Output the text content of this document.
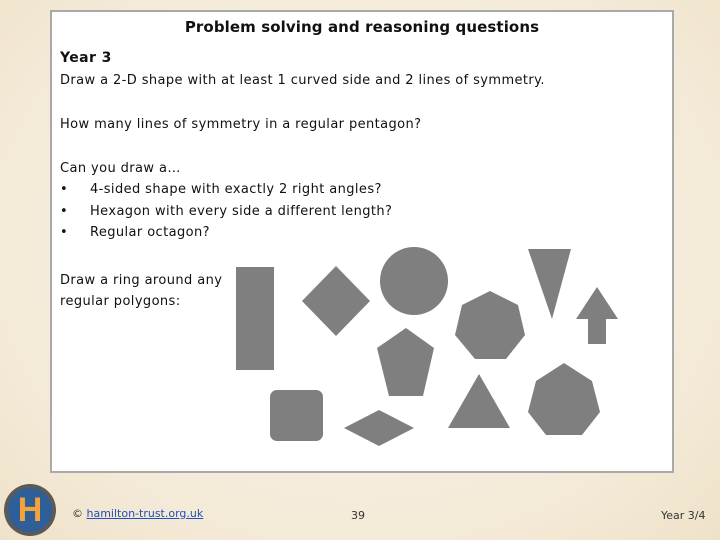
Problem solving and reasoning questions
Year 3
Draw a 2-D shape with at least 1 curved side and 2 lines of symmetry.
How many lines of symmetry in a regular pentagon?
Can you draw a…
• 4-sided shape with exactly 2 right angles?
• Hexagon with every side a different length?
• Regular octagon?
Draw a ring around any regular polygons:
H	© hamilton-trust.org.uk	39	Year 3/4
